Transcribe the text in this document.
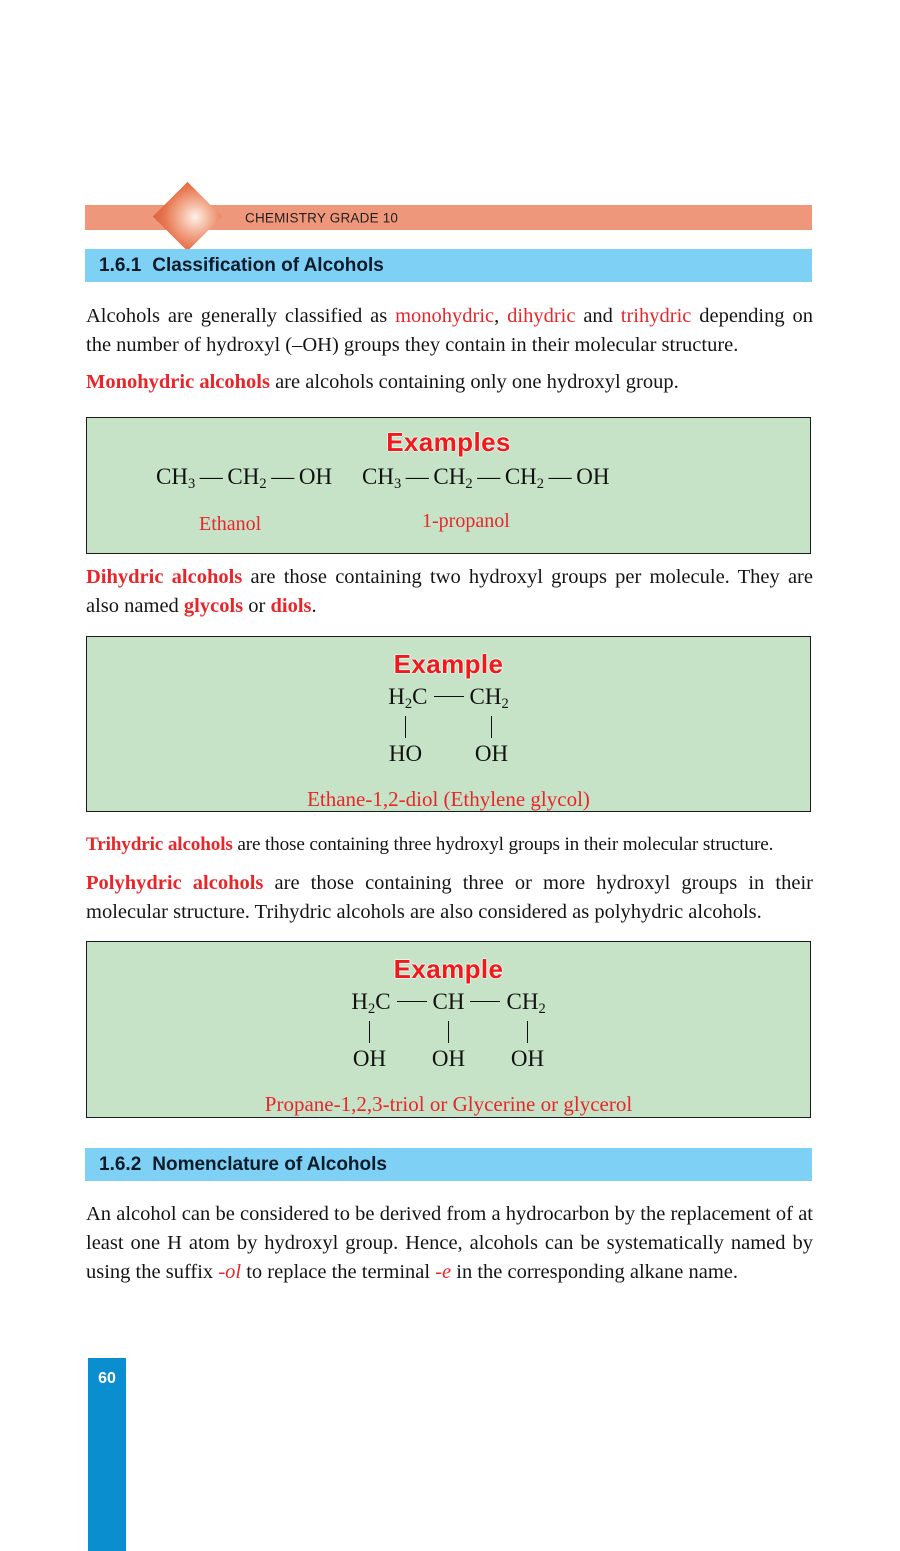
CHEMISTRY GRADE 10
1.6.1 Classification of Alcohols
Alcohols are generally classified as monohydric, dihydric and trihydric depending on the number of hydroxyl (–OH) groups they contain in their molecular structure.
Monohydric alcohols are alcohols containing only one hydroxyl group.
Examples
$CH_3$ — $CH_2$ — OH $CH_3$ — $CH_2$ — $CH_2$ — OH
Ethanol	1-propanol
Dihydric alcohols are those containing two hydroxyl groups per molecule. They are also named glycols or diols.
Example
$H_2C$ $CH_2$
HO	OH
Ethane-1,2-diol (Ethylene glycol)
Trihydric alcohols are those containing three hydroxyl groups in their molecular structure.
Polyhydric alcohols are those containing three or more hydroxyl groups in their molecular structure. Trihydric alcohols are also considered as polyhydric alcohols.
Example
$H_2C$ CH $CH_2$
OH	OH	OH
Propane-1,2,3-triol or Glycerine or glycerol
1.6.2 Nomenclature of Alcohols
An alcohol can be considered to be derived from a hydrocarbon by the replacement of at least one H atom by hydroxyl group. Hence, alcohols can be systematically named by using the suffix -ol to replace the terminal -e in the corresponding alkane name.
60
